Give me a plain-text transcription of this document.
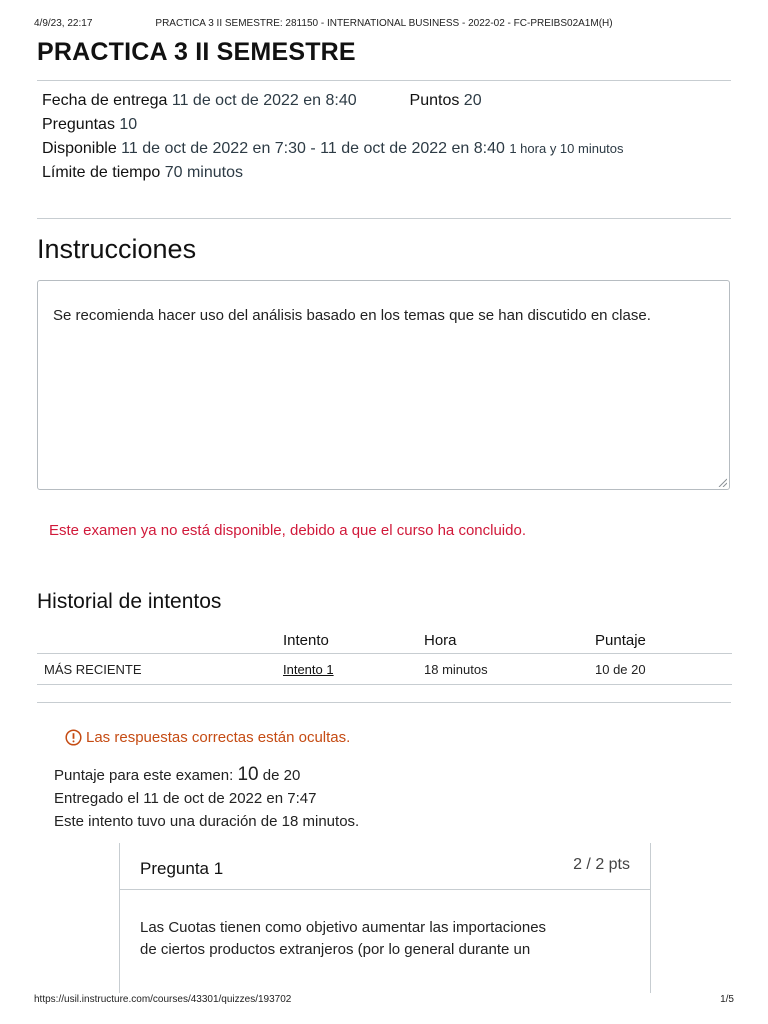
4/9/23, 22:17	PRACTICA 3 II SEMESTRE: 281150 - INTERNATIONAL BUSINESS - 2022-02 - FC-PREIBS02A1M(H)
PRACTICA 3 II SEMESTRE
Fecha de entrega 11 de oct de 2022 en 8:40	Puntos 20
Preguntas 10
Disponible 11 de oct de 2022 en 7:30 - 11 de oct de 2022 en 8:40 1 hora y 10 minutos
Límite de tiempo 70 minutos
Instrucciones
Se recomienda hacer uso del análisis basado en los temas que se han discutido en clase.
Este examen ya no está disponible, debido a que el curso ha concluido.
Historial de intentos
	Intento	Hora	Puntaje
MÁS RECIENTE	Intento 1	18 minutos	10 de 20
Las respuestas correctas están ocultas.
Puntaje para este examen: 10 de 20
Entregado el 11 de oct de 2022 en 7:47
Este intento tuvo una duración de 18 minutos.
Pregunta 1	2 / 2 pts
Las Cuotas tienen como objetivo aumentar las importaciones
de ciertos productos extranjeros (por lo general durante un
https://usil.instructure.com/courses/43301/quizzes/193702	1/5
